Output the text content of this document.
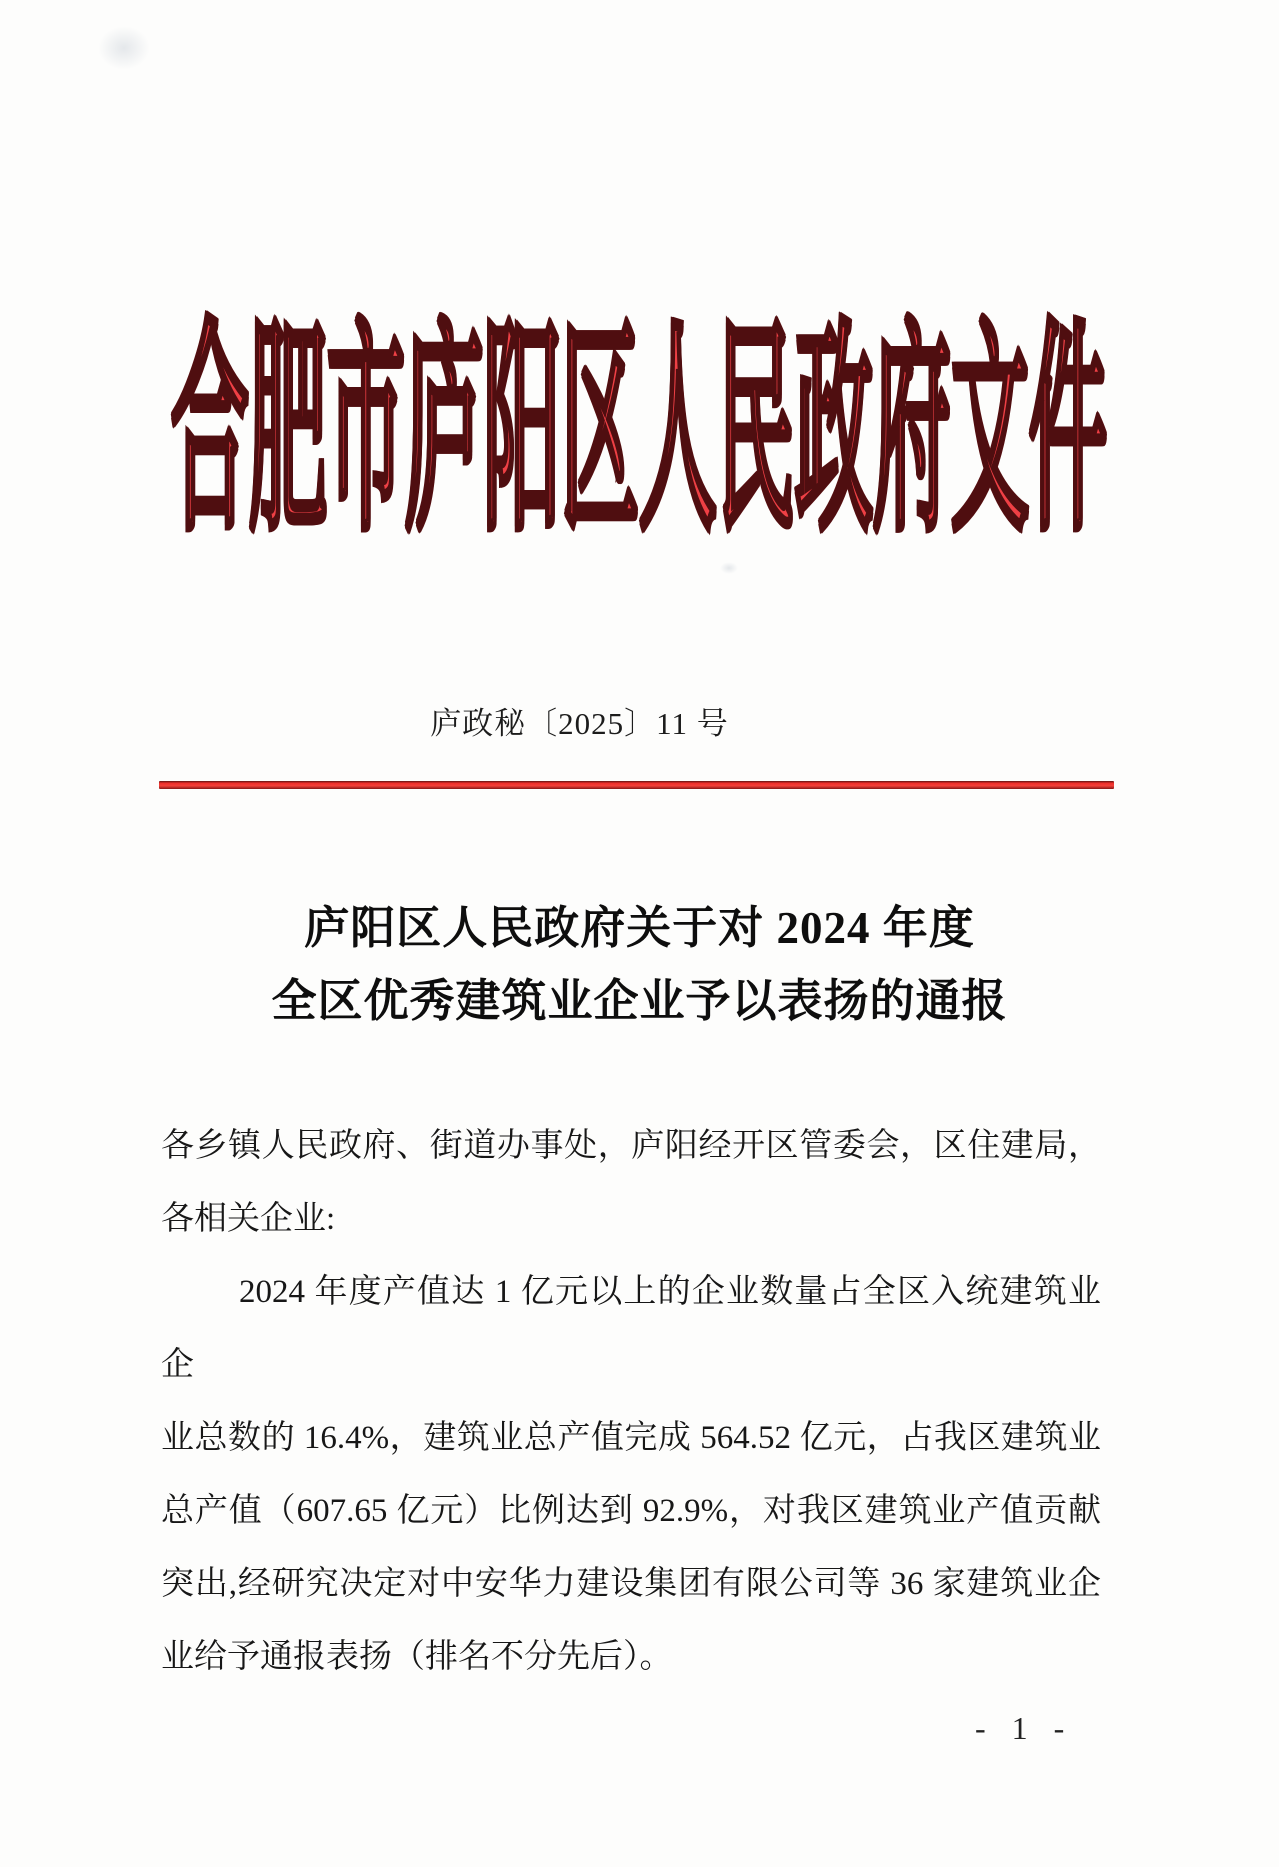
合肥市庐阳区人民政府文件
庐政秘〔2025〕11 号
庐阳区人民政府关于对 2024 年度
全区优秀建筑业企业予以表扬的通报
各乡镇人民政府、街道办事处，庐阳经开区管委会，区住建局，
各相关企业:
2024 年度产值达 1 亿元以上的企业数量占全区入统建筑业企
业总数的 16.4%，建筑业总产值完成 564.52 亿元，占我区建筑业
总产值（607.65 亿元）比例达到 92.9%，对我区建筑业产值贡献
突出,经研究决定对中安华力建设集团有限公司等 36 家建筑业企
业给予通报表扬（排名不分先后）。
- 1 -
